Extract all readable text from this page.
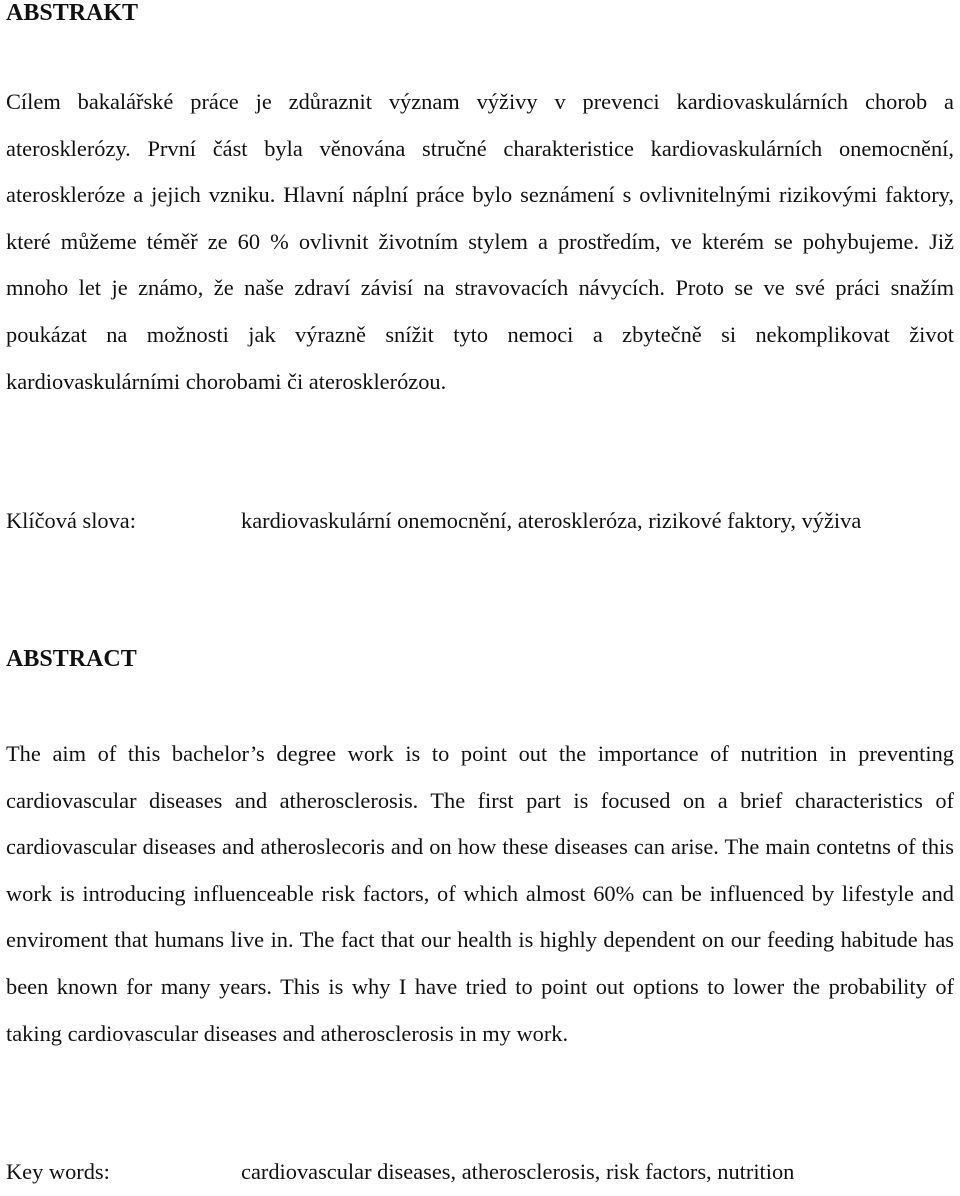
ABSTRAKT

Cílem bakalářské práce je zdůraznit význam výživy v prevenci kardiovaskulárních chorob a aterosklerózy. První část byla věnována stručné charakteristice kardiovaskulárních onemocnění, ateroskleróze a jejich vzniku. Hlavní náplní práce bylo seznámení s ovlivnitelnými rizikovými faktory, které můžeme téměř ze 60 % ovlivnit životním stylem a prostředím, ve kterém se pohybujeme. Již mnoho let je známo, že naše zdraví závisí na stravovacích návycích. Proto se ve své práci snažím poukázat na možnosti jak výrazně snížit tyto nemoci a zbytečně si nekomplikovat život kardiovaskulárními chorobami či aterosklerózou.

Klíčová slova:	kardiovaskulární onemocnění, ateroskleróza, rizikové faktory, výživa
ABSTRACT

The aim of this bachelor’s degree work is to point out the importance of nutrition in preventing cardiovascular diseases and atherosclerosis. The first part is focused on a brief characteristics of cardiovascular diseases and atheroslecoris and on how these diseases can arise. The main contetns of this work is introducing influenceable risk factors, of which almost 60% can be influenced by lifestyle and enviroment that humans live in. The fact that our health is highly dependent on our feeding habitude has been known for many years. This is why I have tried to point out options to lower the probability of taking cardiovascular diseases and atherosclerosis in my work.

Key words:	cardiovascular diseases, atherosclerosis, risk factors, nutrition
